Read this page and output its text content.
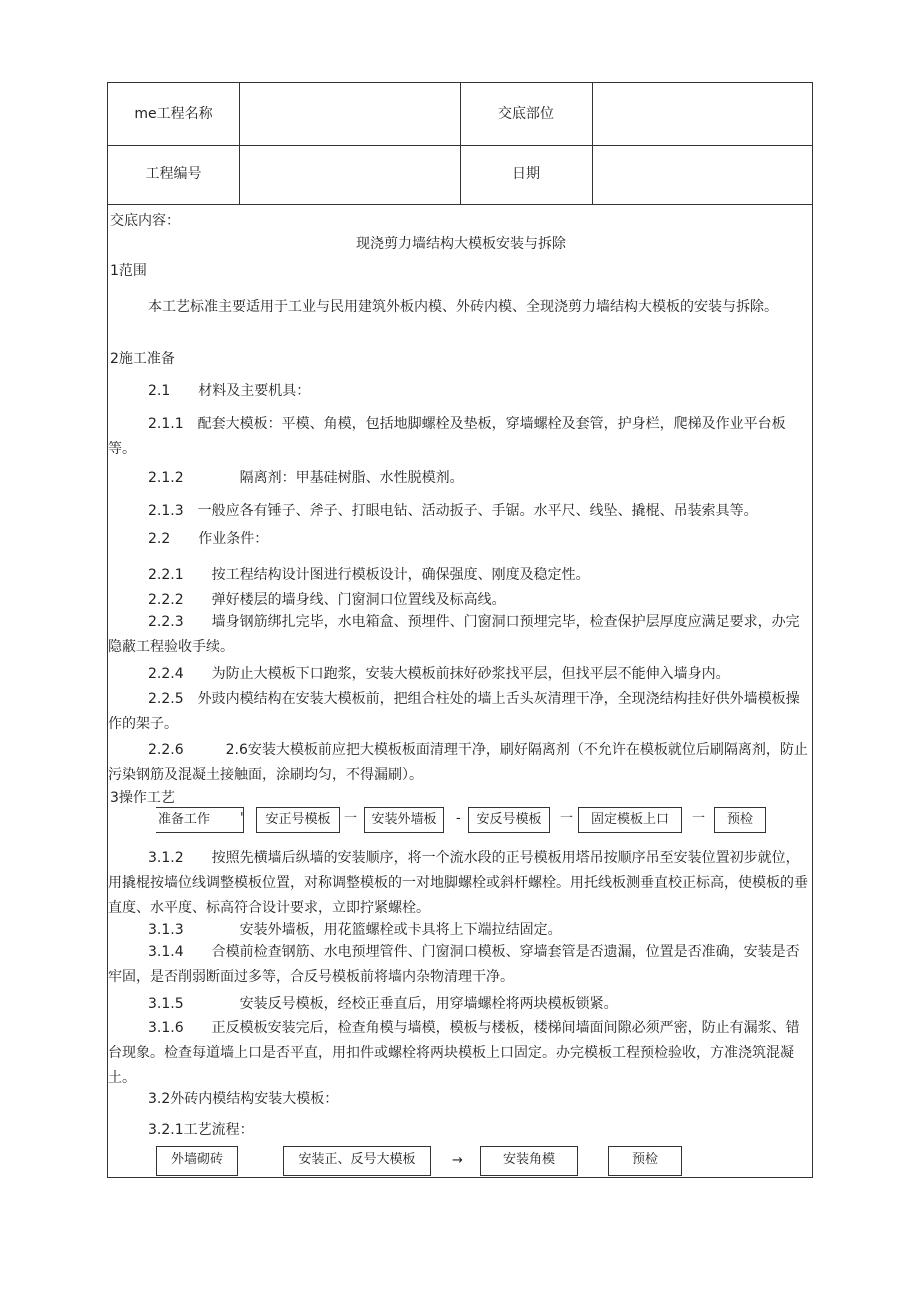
me工程名称	交底部位
工程编号	日期
交底内容：
现浇剪力墙结构大模板安装与拆除
1范围
本工艺标准主要适用于工业与民用建筑外板内模、外砖内模、全现浇剪力墙结构大模板的安装与拆除。
2施工准备
2.1　　材料及主要机具：
2.1.1　配套大模板：平模、角模，包括地脚螺栓及垫板，穿墙螺栓及套管，护身栏，爬梯及作业平台板等。
2.1.2　　　　隔离剂：甲基硅树脂、水性脱模剂。
2.1.3　一般应各有锤子、斧子、打眼电钻、活动扳子、手锯。水平尺、线坠、撬棍、吊装索具等。
2.2　　作业条件：
2.2.1　　按工程结构设计图进行模板设计，确保强度、刚度及稳定性。
2.2.2　　弹好楼层的墙身线、门窗洞口位置线及标高线。
2.2.3　　墙身钢筋绑扎完毕，水电箱盒、预埋件、门窗洞口预埋完毕，检查保护层厚度应满足要求，办完隐蔽工程验收手续。
2.2.4　　为防止大模板下口跑浆，安装大模板前抹好砂浆找平层，但找平层不能伸入墙身内。
2.2.5　外豉内模结构在安装大模板前，把组合柱处的墙上舌头灰清理干净，全现浇结构挂好供外墙模板操作的架子。
2.2.6　　　2.6安装大模板前应把大模板板面清理干净，刷好隔离剂（不允许在模板就位后刷隔离剂，防止污染钢筋及混凝土接触面，涂刷均匀，不得漏刷）。
3操作工艺
准备工作	'	安正号模板	一	安装外墙板	-	安反号模板	一	固定模板上口	一	预检
3.1.2　　按照先横墙后纵墙的安装顺序，将一个流水段的正号模板用塔吊按顺序吊至安装位置初步就位，用撬棍按墙位线调整模板位置，对称调整模板的一对地脚螺栓或斜杆螺栓。用托线板测垂直校正标高，使模板的垂直度、水平度、标高符合设计要求，立即拧紧螺栓。
3.1.3　　　　安装外墙板，用花篮螺栓或卡具将上下端拉结固定。
3.1.4　　合模前检查钢筋、水电预埋管件、门窗洞口模板、穿墙套管是否遗漏，位置是否准确，安装是否牢固，是否削弱断面过多等，合反号模板前将墙内杂物清理干净。
3.1.5　　　　安装反号模板，经校正垂直后，用穿墙螺栓将两块模板锁紧。
3.1.6　　正反模板安装完后，检查角模与墙模，模板与楼板，楼梯间墙面间隙必须严密，防止有漏浆、错台现象。检查每道墙上口是否平直，用扣件或螺栓将两块模板上口固定。办完模板工程预检验收，方准浇筑混凝土。
3.2外砖内模结构安装大模板：
3.2.1工艺流程：
外墙砌砖	安装正、反号大模板	→	安装角模	预检
